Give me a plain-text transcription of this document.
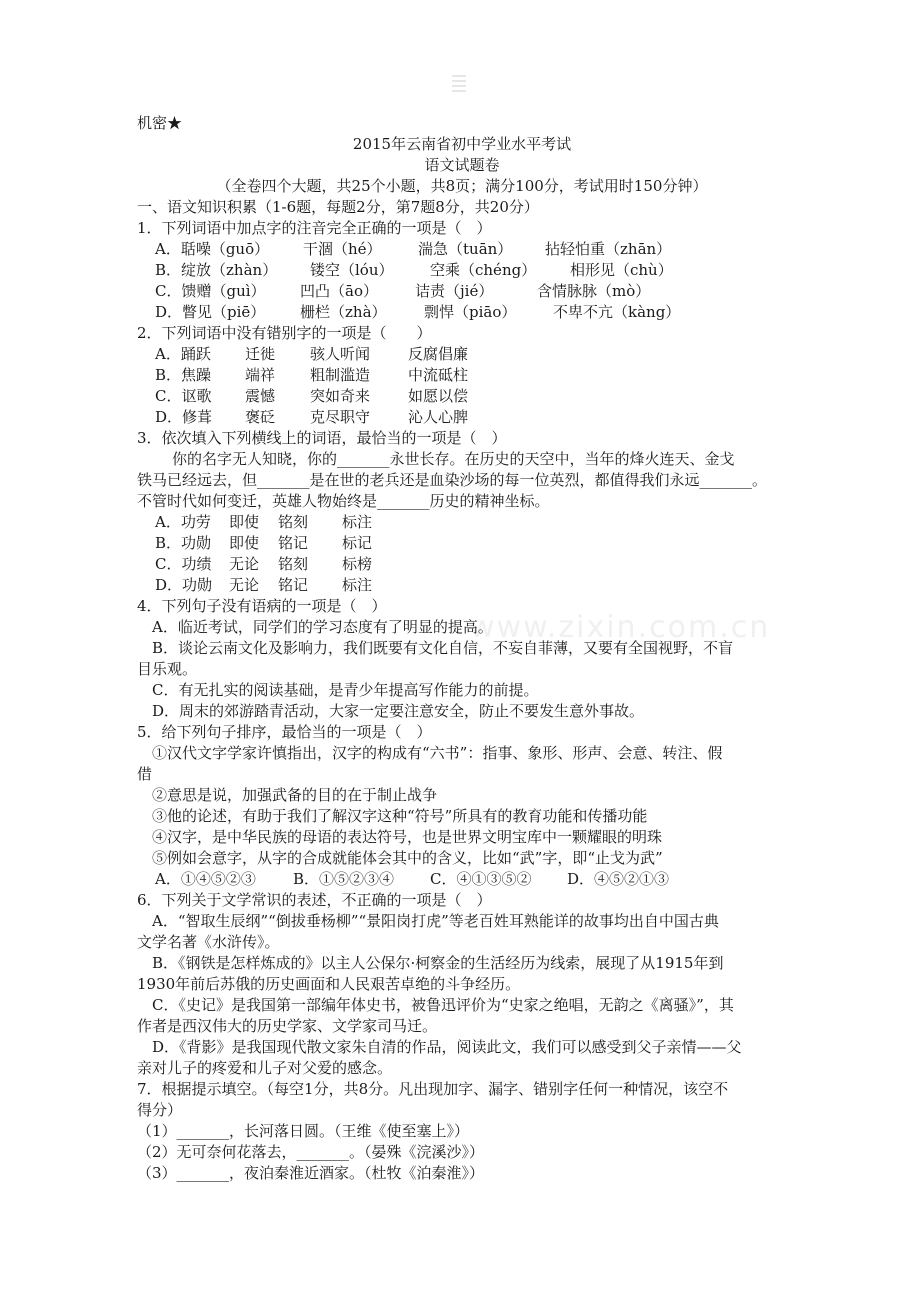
www.zixin.com.cn
机密★
2015年云南省初中学业水平考试
语文试题卷
（全卷四个大题，共25个小题，共8页；满分100分，考试用时150分钟）
一、语文知识积累（1-6题，每题2分，第7题8分，共20分）
1．下列词语中加点字的注音完全正确的一项是（　）
A．聒噪（guō） 干涸（hé） 湍急（tuān） 拈轻怕重（zhān）
B．绽放（zhàn） 镂空（lóu） 空乘（chéng） 相形见（chù）
C．馈赠（guì） 凹凸（āo） 诘责（jié）	含情脉脉（mò）
D．瞥见（piē） 栅栏（zhà） 剽悍（piāo） 不卑不亢（kàng）
2．下列词语中没有错别字的一项是（　　）
A．踊跃 迁徙 骇人听闻	反腐倡廉
B．焦躁 端祥 粗制滥造	中流砥柱
C．讴歌 震憾 突如奇来	如愿以偿
D．修葺 褒砭 克尽职守	沁人心脾
3．依次填入下列横线上的词语，最恰当的一项是（　）
你的名字无人知晓，你的_______永世长存。在历史的天空中，当年的烽火连天、金戈
铁马已经远去，但_______是在世的老兵还是血染沙场的每一位英烈，都值得我们永远_______。
不管时代如何变迁，英雄人物始终是_______历史的精神坐标。
A．功劳 即使 铭刻 标注
B．功勋 即使 铭记 标记
C．功绩 无论 铭刻 标榜
D．功勋 无论 铭记 标注
4．下列句子没有语病的一项是（　）
A．临近考试，同学们的学习态度有了明显的提高。
B．谈论云南文化及影响力，我们既要有文化自信，不妄自菲薄，又要有全国视野，不盲
目乐观。
C．有无扎实的阅读基础，是青少年提高写作能力的前提。
D．周末的郊游踏青活动，大家一定要注意安全，防止不要发生意外事故。
5．给下列句子排序，最恰当的一项是（　）
①汉代文字学家许慎指出，汉字的构成有“六书”：指事、象形、形声、会意、转注、假
借
②意思是说，加强武备的目的在于制止战争
③他的论述，有助于我们了解汉字这种“符号”所具有的教育功能和传播功能
④汉字，是中华民族的母语的表达符号，也是世界文明宝库中一颗耀眼的明珠
⑤例如会意字，从字的合成就能体会其中的含义，比如“武”字，即“止戈为武”
A．①④⑤②③ B．①⑤②③④ C．④①③⑤② D．④⑤②①③
6．下列关于文学常识的表述，不正确的一项是（　）
A．“智取生辰纲”“倒拔垂杨柳”“景阳岗打虎”等老百姓耳熟能详的故事均出自中国古典
文学名著《水浒传》。
B．《钢铁是怎样炼成的》以主人公保尔·柯察金的生活经历为线索，展现了从1915年到
1930年前后苏俄的历史画面和人民艰苦卓绝的斗争经历。
C．《史记》是我国第一部编年体史书，被鲁迅评价为“史家之绝唱，无韵之《离骚》”，其
作者是西汉伟大的历史学家、文学家司马迁。
D．《背影》是我国现代散文家朱自清的作品，阅读此文，我们可以感受到父子亲情——父
亲对儿子的疼爱和儿子对父爱的感念。
7．根据提示填空。（每空1分，共8分。凡出现加字、漏字、错别字任何一种情况，该空不
得分）
（1）_______，长河落日圆。（王维《使至塞上》）
（2）无可奈何花落去，_______。（晏殊《浣溪沙》）
（3）_______，夜泊秦淮近酒家。（杜牧《泊秦淮》）
